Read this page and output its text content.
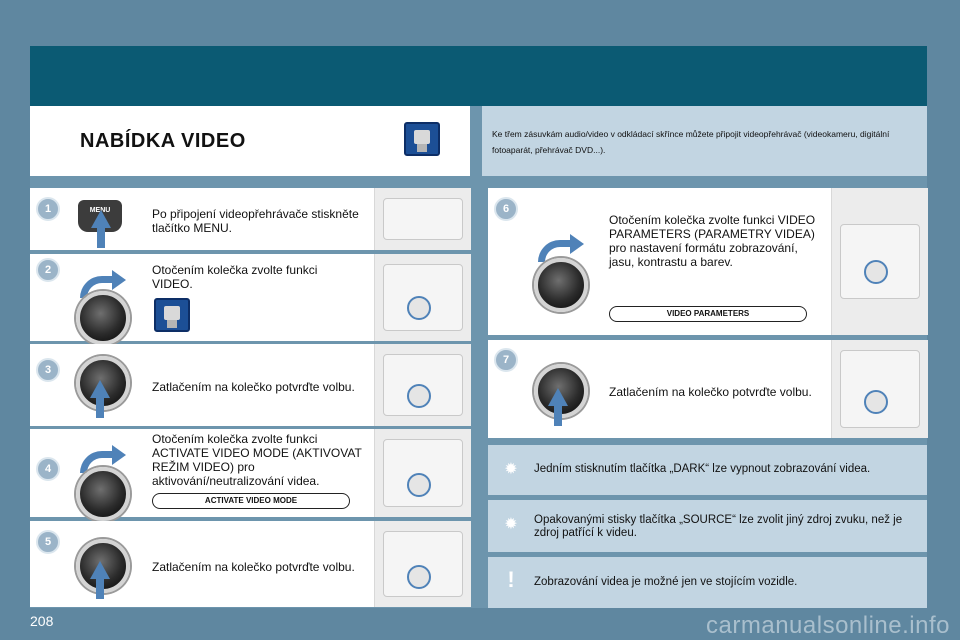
NABÍDKA VIDEO	Ke třem zásuvkám audio/video v odkládací skřínce můžete připojit videopřehrávač (videokameru, digitální fotoaparát, přehrávač DVD...).

1	MENU	Po připojení videopřehrávače stiskněte tlačítko MENU.
2	Otočením kolečka zvolte funkci VIDEO.
3
Zatlačením na kolečko potvrďte volbu.
4
Otočením kolečka zvolte funkci ACTIVATE VIDEO MODE (AKTIVOVAT REŽIM VIDEO) pro aktivování/neutralizování videa.
ACTIVATE VIDEO MODE
5
Zatlačením na kolečko potvrďte volbu.
6
Otočením kolečka zvolte funkci VIDEO PARAMETERS (PARAMETRY VIDEA) pro nastavení formátu zobrazování, jasu, kontrastu a barev.
VIDEO PARAMETERS
7
Zatlačením na kolečko potvrďte volbu.
✹	Jedním stisknutím tlačítka „DARK“ lze vypnout zobrazování videa.
✹	Opakovanými stisky tlačítka „SOURCE“ lze zvolit jiný zdroj zvuku, než je zdroj patřící k videu.
!	Zobrazování videa je možné jen ve stojícím vozidle.
208	carmanualsonline.info
